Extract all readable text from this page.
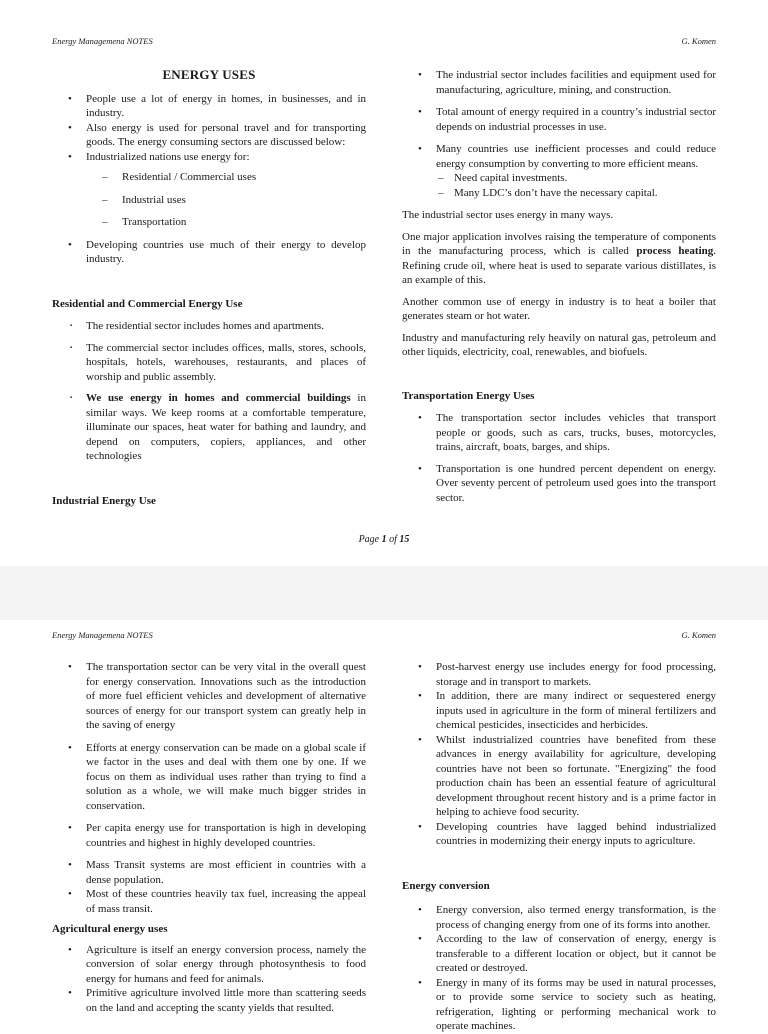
Energy Managemenа NOTES	G. Komen
ENERGY USES
• People use a lot of energy in homes, in businesses, and in industry.
• Also energy is used for personal travel and for transporting goods. The energy consuming sectors are discussed below:
• Industrialized nations use energy for:
– Residential / Commercial uses
– Industrial uses
– Transportation
• Developing countries use much of their energy to develop industry.
Residential and Commercial Energy Use
▪ The residential sector includes homes and apartments.
▪ The commercial sector includes offices, malls, stores, schools, hospitals, hotels, warehouses, restaurants, and places of worship and public assembly.
▪ We use energy in homes and commercial buildings in similar ways. We keep rooms at a comfortable temperature, illuminate our spaces, heat water for bathing and laundry, and depend on computers, copiers, appliances, and other technologies
Industrial Energy Use
• The industrial sector includes facilities and equipment used for manufacturing, agriculture, mining, and construction.
• Total amount of energy required in a country’s industrial sector depends on industrial processes in use.
• Many countries use inefficient processes and could reduce energy consumption by converting to more efficient means.
– Need capital investments.
– Many LDC’s don’t have the necessary capital.

The industrial sector uses energy in many ways.

One major application involves raising the temperature of components in the manufacturing process, which is called process heating. Refining crude oil, where heat is used to separate various distillates, is an example of this.

Another common use of energy in industry is to heat a boiler that generates steam or hot water.

Industry and manufacturing rely heavily on natural gas, petroleum and other liquids, electricity, coal, renewables, and biofuels.

Transportation Energy Uses
• The transportation sector includes vehicles that transport people or goods, such as cars, trucks, buses, motorcycles, trains, aircraft, boats, barges, and ships.
• Transportation is one hundred percent dependent on energy. Over seventy percent of petroleum used goes into the transport sector.
Page 1 of 15
Energy Managemenа NOTES	G. Komen
• The transportation sector can be very vital in the overall quest for energy conservation. Innovations such as the introduction of more fuel efficient vehicles and development of alternative sources of energy for our transport system can greatly help in the saving of energy
• Efforts at energy conservation can be made on a global scale if we factor in the uses and deal with them one by one. If we focus on them as individual uses rather than trying to find a solution as a whole, we will make much bigger strides in conservation.
• Per capita energy use for transportation is high in developing countries and highest in highly developed countries.
• Mass Transit systems are most efficient in countries with a dense population.
• Most of these countries heavily tax fuel, increasing the appeal of mass transit.
Agricultural energy uses
• Agriculture is itself an energy conversion process, namely the conversion of solar energy through photosynthesis to food energy for humans and feed for animals.
• Primitive agriculture involved little more than scattering seeds on the land and accepting the scanty yields that resulted.
• Post-harvest energy use includes energy for food processing, storage and in transport to markets.
• In addition, there are many indirect or sequestered energy inputs used in agriculture in the form of mineral fertilizers and chemical pesticides, insecticides and herbicides.
• Whilst industrialized countries have benefited from these advances in energy availability for agriculture, developing countries have not been so fortunate. "Energizing" the food production chain has been an essential feature of agricultural development throughout recent history and is a prime factor in helping to achieve food security.
• Developing countries have lagged behind industrialized countries in modernizing their energy inputs to agriculture.
Energy conversion
• Energy conversion, also termed energy transformation, is the process of changing energy from one of its forms into another.
• According to the law of conservation of energy, energy is transferable to a different location or object, but it cannot be created or destroyed.
• Energy in many of its forms may be used in natural processes, or to provide some service to society such as heating, refrigeration, lighting or performing mechanical work to operate machines.
